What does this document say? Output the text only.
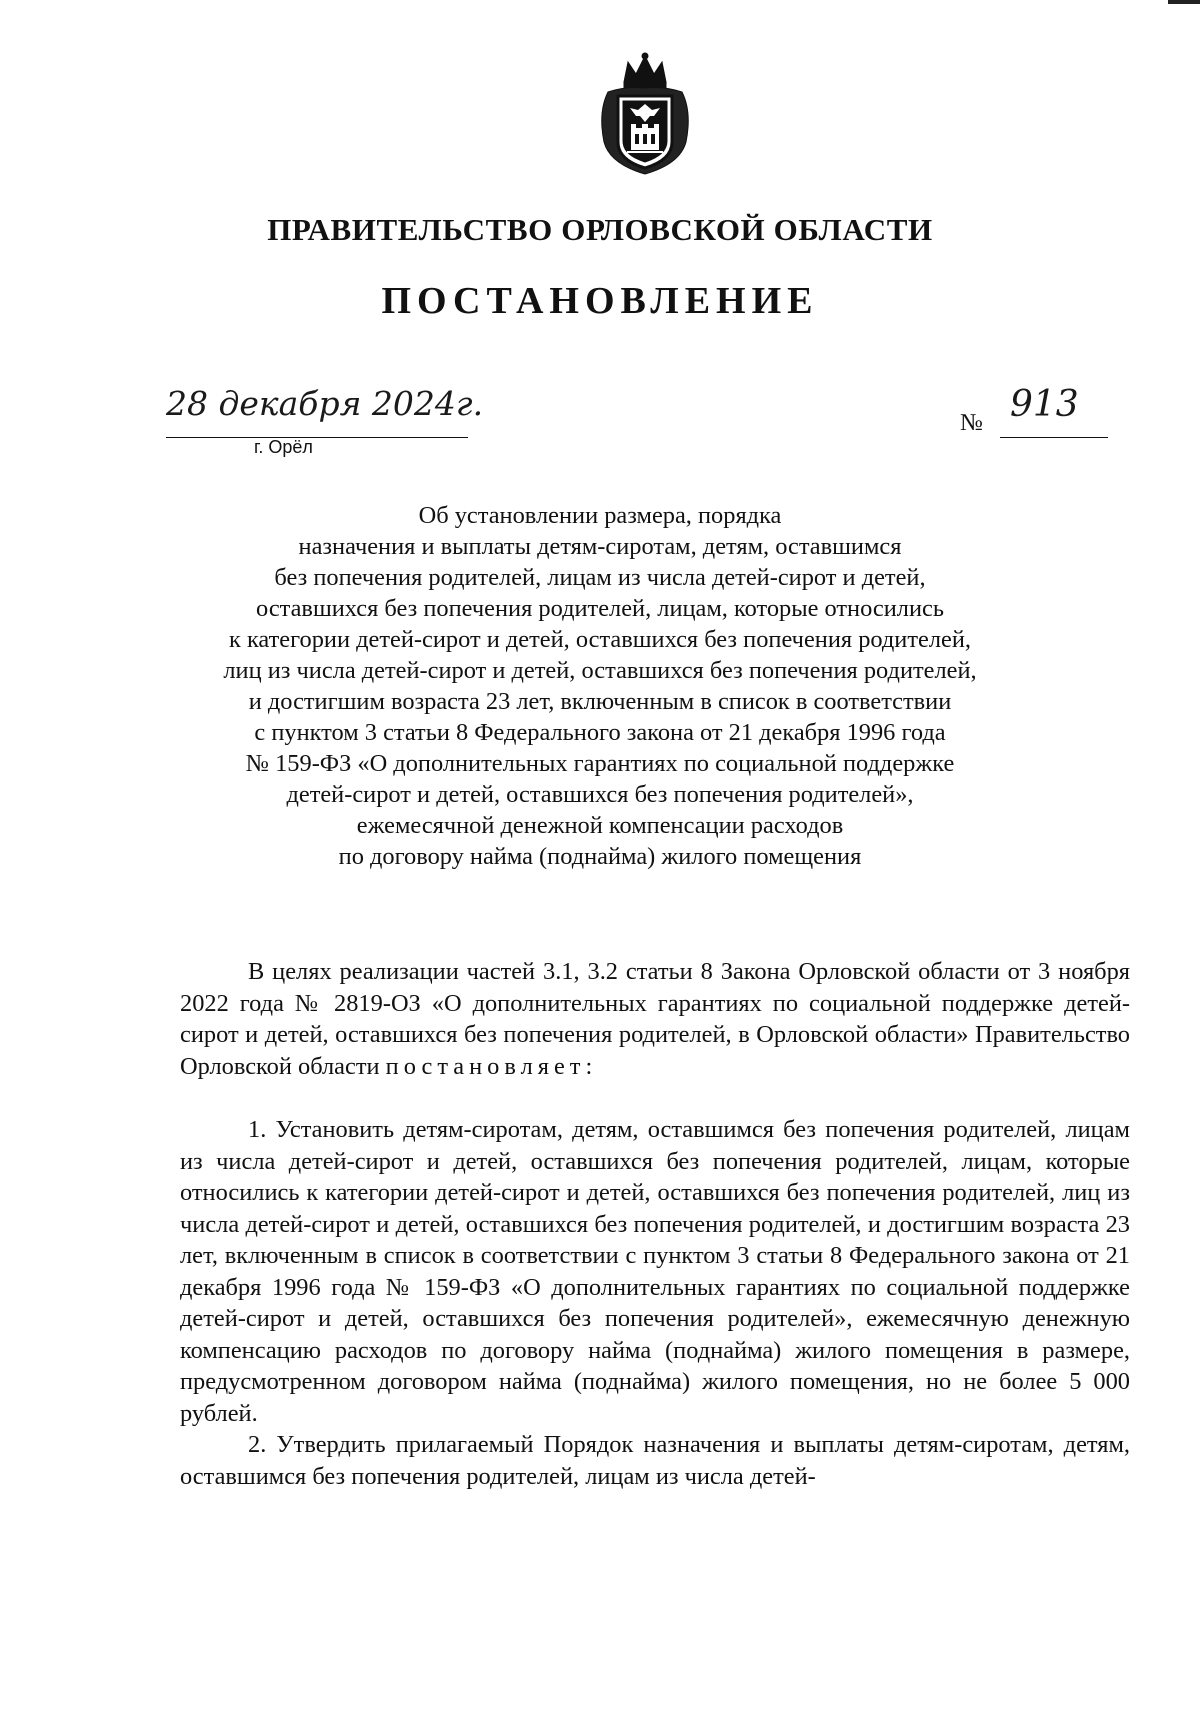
ПРАВИТЕЛЬСТВО ОРЛОВСКОЙ ОБЛАСТИ
ПОСТАНОВЛЕНИЕ
28 декабря 2024г.
г. Орёл
№ 913
Об установлении размера, порядка
назначения и выплаты детям-сиротам, детям, оставшимся
без попечения родителей, лицам из числа детей-сирот и детей,
оставшихся без попечения родителей, лицам, которые относились
к категории детей-сирот и детей, оставшихся без попечения родителей,
лиц из числа детей-сирот и детей, оставшихся без попечения родителей,
и достигшим возраста 23 лет, включенным в список в соответствии
с пунктом 3 статьи 8 Федерального закона от 21 декабря 1996 года
№ 159-ФЗ «О дополнительных гарантиях по социальной поддержке
детей-сирот и детей, оставшихся без попечения родителей»,
ежемесячной денежной компенсации расходов
по договору найма (поднайма) жилого помещения

В целях реализации частей 3.1, 3.2 статьи 8 Закона Орловской области от 3 ноября 2022 года № 2819-ОЗ «О дополнительных гарантиях по социальной поддержке детей-сирот и детей, оставшихся без попечения родителей, в Орловской области» Правительство Орловской области постановляет:

1. Установить детям-сиротам, детям, оставшимся без попечения родителей, лицам из числа детей-сирот и детей, оставшихся без попечения родителей, лицам, которые относились к категории детей-сирот и детей, оставшихся без попечения родителей, лиц из числа детей-сирот и детей, оставшихся без попечения родителей, и достигшим возраста 23 лет, включенным в список в соответствии с пунктом 3 статьи 8 Федерального закона от 21 декабря 1996 года № 159-ФЗ «О дополнительных гарантиях по социальной поддержке детей-сирот и детей, оставшихся без попечения родителей», ежемесячную денежную компенсацию расходов по договору найма (поднайма) жилого помещения в размере, предусмотренном договором найма (поднайма) жилого помещения, но не более 5 000 рублей.

2. Утвердить прилагаемый Порядок назначения и выплаты детям-сиротам, детям, оставшимся без попечения родителей, лицам из числа детей-
